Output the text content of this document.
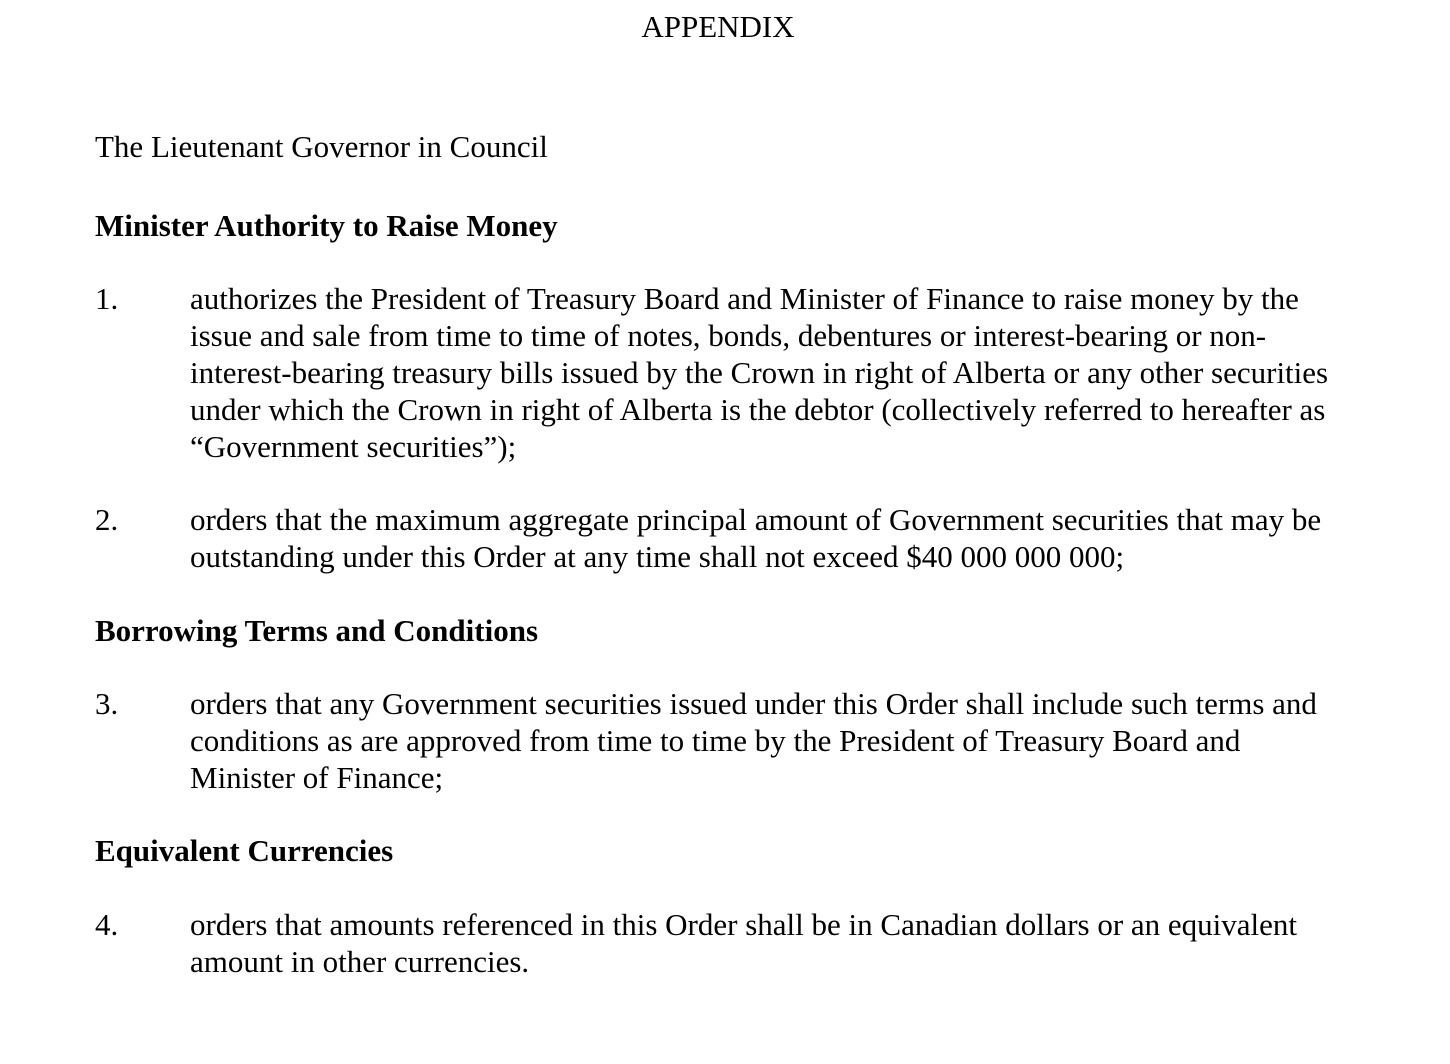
APPENDIX
The Lieutenant Governor in Council
Minister Authority to Raise Money
1. authorizes the President of Treasury Board and Minister of Finance to raise money by the
issue and sale from time to time of notes, bonds, debentures or interest-bearing or non-
interest-bearing treasury bills issued by the Crown in right of Alberta or any other securities
under which the Crown in right of Alberta is the debtor (collectively referred to hereafter as
“Government securities”);
2. orders that the maximum aggregate principal amount of Government securities that may be
outstanding under this Order at any time shall not exceed $40 000 000 000;
Borrowing Terms and Conditions
3. orders that any Government securities issued under this Order shall include such terms and
conditions as are approved from time to time by the President of Treasury Board and
Minister of Finance;
Equivalent Currencies
4. orders that amounts referenced in this Order shall be in Canadian dollars or an equivalent
amount in other currencies.
